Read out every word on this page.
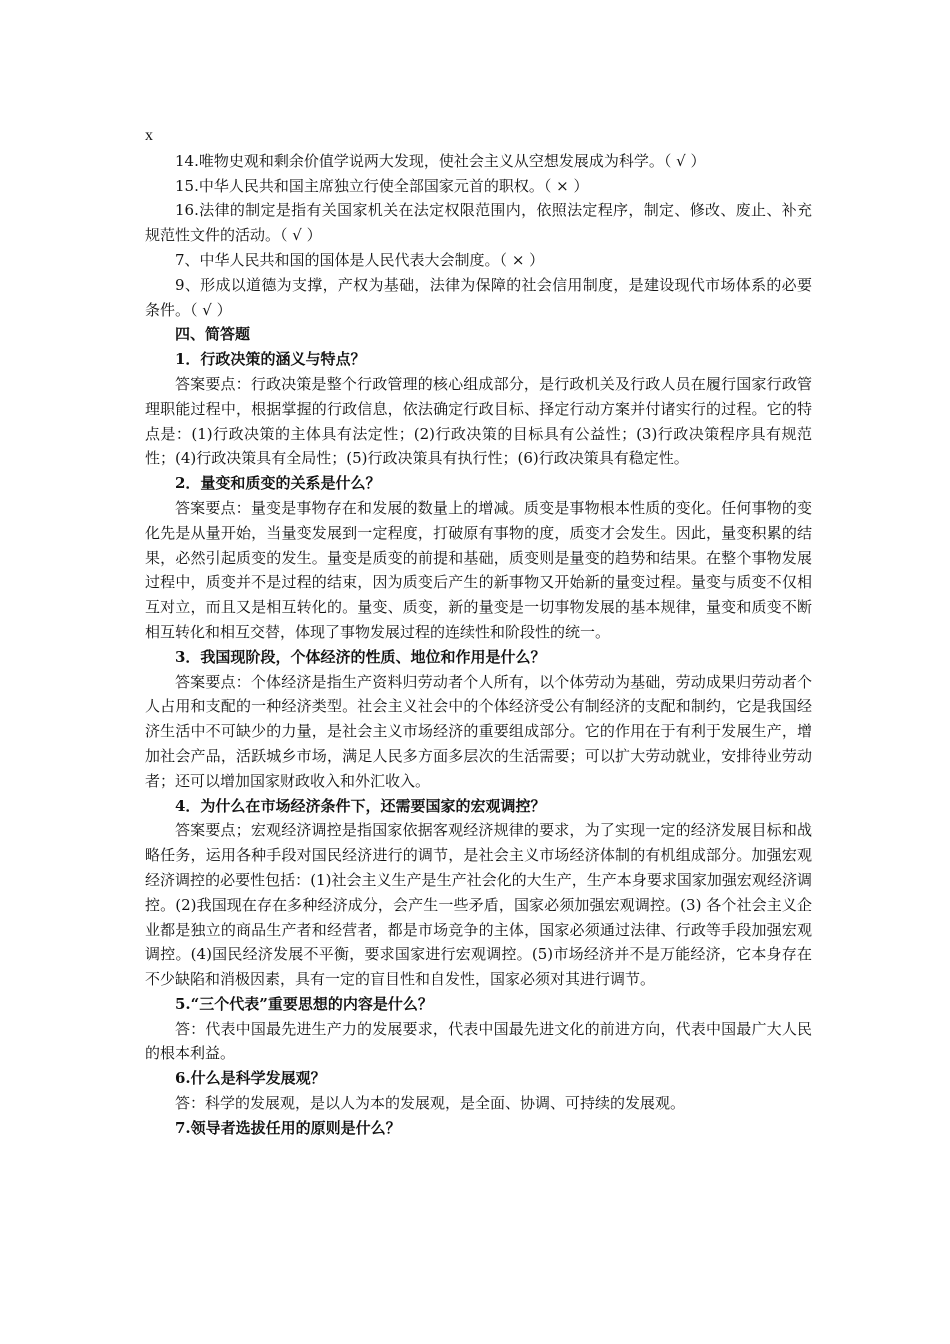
x

14.唯物史观和剩余价值学说两大发现，使社会主义从空想发展成为科学。（ √ ）

15.中华人民共和国主席独立行使全部国家元首的职权。（ × ）

16.法律的制定是指有关国家机关在法定权限范围内，依照法定程序，制定、修改、废止、补充规范性文件的活动。（ √ ）

7、中华人民共和国的国体是人民代表大会制度。（ × ）

9、形成以道德为支撑，产权为基础，法律为保障的社会信用制度，是建设现代市场体系的必要条件。（ √ ）

四、简答题

1．行政决策的涵义与特点？

答案要点：行政决策是整个行政管理的核心组成部分，是行政机关及行政人员在履行国家行政管理职能过程中，根据掌握的行政信息，依法确定行政目标、择定行动方案并付诸实行的过程。它的特点是：(1)行政决策的主体具有法定性；(2)行政决策的目标具有公益性；(3)行政决策程序具有规范性；(4)行政决策具有全局性；(5)行政决策具有执行性；(6)行政决策具有稳定性。

2．量变和质变的关系是什么？

答案要点：量变是事物存在和发展的数量上的增减。质变是事物根本性质的变化。任何事物的变化先是从量开始，当量变发展到一定程度，打破原有事物的度，质变才会发生。因此，量变积累的结果，必然引起质变的发生。量变是质变的前提和基础，质变则是量变的趋势和结果。在整个事物发展过程中，质变并不是过程的结束，因为质变后产生的新事物又开始新的量变过程。量变与质变不仅相互对立，而且又是相互转化的。量变、质变，新的量变是一切事物发展的基本规律，量变和质变不断相互转化和相互交替，体现了事物发展过程的连续性和阶段性的统一。

3．我国现阶段，个体经济的性质、地位和作用是什么？

答案要点：个体经济是指生产资料归劳动者个人所有，以个体劳动为基础，劳动成果归劳动者个人占用和支配的一种经济类型。社会主义社会中的个体经济受公有制经济的支配和制约，它是我国经济生活中不可缺少的力量，是社会主义市场经济的重要组成部分。它的作用在于有利于发展生产，增加社会产品，活跃城乡市场，满足人民多方面多层次的生活需要；可以扩大劳动就业，安排待业劳动者；还可以增加国家财政收入和外汇收入。

4．为什么在市场经济条件下，还需要国家的宏观调控？

答案要点；宏观经济调控是指国家依据客观经济规律的要求，为了实现一定的经济发展目标和战略任务，运用各种手段对国民经济进行的调节，是社会主义市场经济体制的有机组成部分。加强宏观经济调控的必要性包括：(1)社会主义生产是生产社会化的大生产，生产本身要求国家加强宏观经济调控。(2)我国现在存在多种经济成分，会产生一些矛盾，国家必须加强宏观调控。(3) 各个社会主义企业都是独立的商品生产者和经营者，都是市场竞争的主体，国家必须通过法律、行政等手段加强宏观调控。(4)国民经济发展不平衡，要求国家进行宏观调控。(5)市场经济并不是万能经济，它本身存在不少缺陷和消极因素，具有一定的盲目性和自发性，国家必须对其进行调节。

5.“三个代表”重要思想的内容是什么？

答：代表中国最先进生产力的发展要求，代表中国最先进文化的前进方向，代表中国最广大人民的根本利益。

6.什么是科学发展观？

答：科学的发展观，是以人为本的发展观，是全面、协调、可持续的发展观。

7.领导者选拔任用的原则是什么？
